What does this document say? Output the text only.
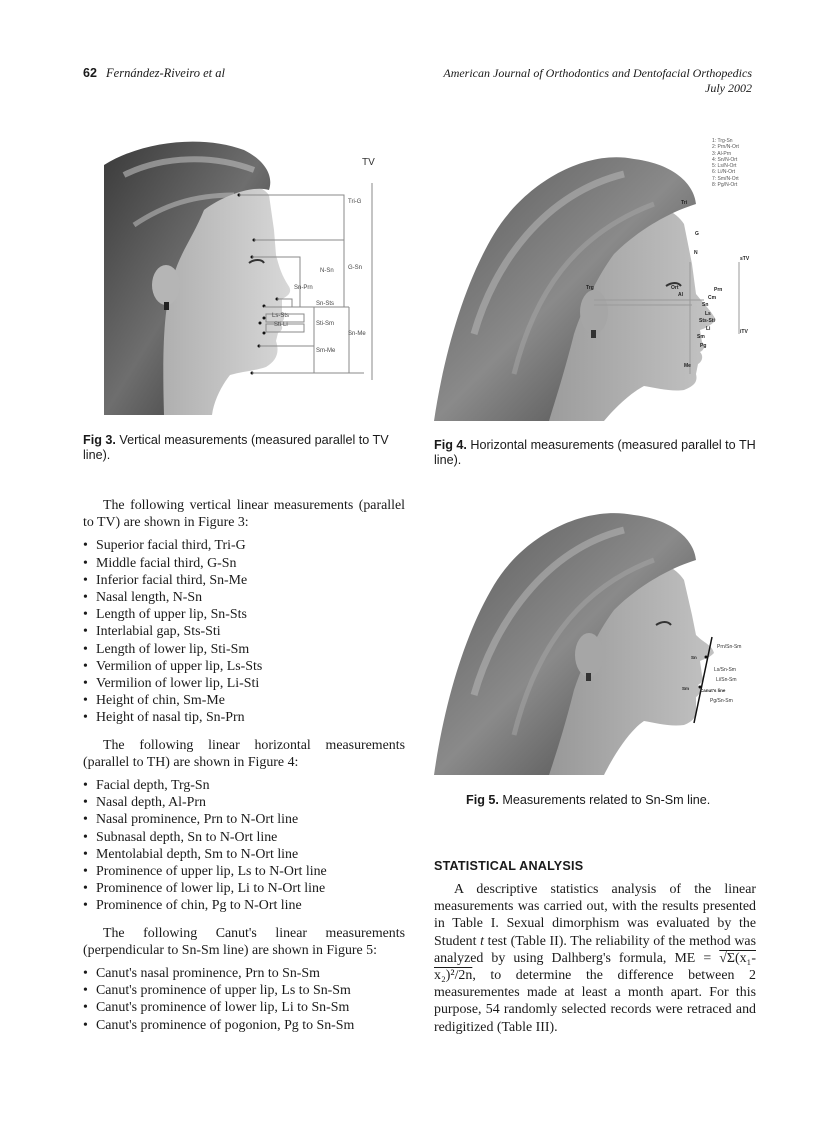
62 Fernández-Riveiro et al	American Journal of Orthodontics and Dentofacial Orthopedics
July 2002
TV
Tri-G
G-Sn
N-Sn
Sn-Prn
Sn-Sts
Ls-Sts
Sti-Li	Sti-Sm
Sn-Me
Sm-Me
Fig 3. Vertical measurements (measured parallel to TV line).
1: Trg-Sn
2: Prn/N-Ort
3: Al-Prn
4: Sn/N-Ort
5: Ls/N-Ort
6: Li/N-Ort
7: Sm/N-Ort
8: Pg/N-Ort
Tri
G
N
Trg	Ort
Al
Prn
Cm
Sn
Ls
Sts-Sti
Li
Sm
Pg
Me
sTV
iTV
Fig 4. Horizontal measurements (measured parallel to TH line).
Prn/Sn-Sm
Ls/Sn-Sm
Li/Sn-Sm
Canut's line
Pg/Sn-Sm
Sn
Sm
Fig 5. Measurements related to Sn-Sm line.

The following vertical linear measurements (parallel to TV) are shown in Figure 3:

• Superior facial third, Tri-G
• Middle facial third, G-Sn
• Inferior facial third, Sn-Me
• Nasal length, N-Sn
• Length of upper lip, Sn-Sts
• Interlabial gap, Sts-Sti
• Length of lower lip, Sti-Sm
• Vermilion of upper lip, Ls-Sts
• Vermilion of lower lip, Li-Sti
• Height of chin, Sm-Me
• Height of nasal tip, Sn-Prn

The following linear horizontal measurements (parallel to TH) are shown in Figure 4:

• Facial depth, Trg-Sn
• Nasal depth, Al-Prn
• Nasal prominence, Prn to N-Ort line
• Subnasal depth, Sn to N-Ort line
• Mentolabial depth, Sm to N-Ort line
• Prominence of upper lip, Ls to N-Ort line
• Prominence of lower lip, Li to N-Ort line
• Prominence of chin, Pg to N-Ort line

The following Canut's linear measurements (perpendicular to Sn-Sm line) are shown in Figure 5:

• Canut's nasal prominence, Prn to Sn-Sm
• Canut's prominence of upper lip, Ls to Sn-Sm
• Canut's prominence of lower lip, Li to Sn-Sm
• Canut's prominence of pogonion, Pg to Sn-Sm
STATISTICAL ANALYSIS

A descriptive statistics analysis of the linear measurements was carried out, with the results presented in Table I. Sexual dimorphism was evaluated by the Student t test (Table II). The reliability of the method was analyzed by using Dalhberg's formula, ME = √Σ(x₁-x₂)²/2n, to determine the difference between 2 measurementes made at least a month apart. For this purpose, 54 randomly selected records were retraced and redigitized (Table III).
